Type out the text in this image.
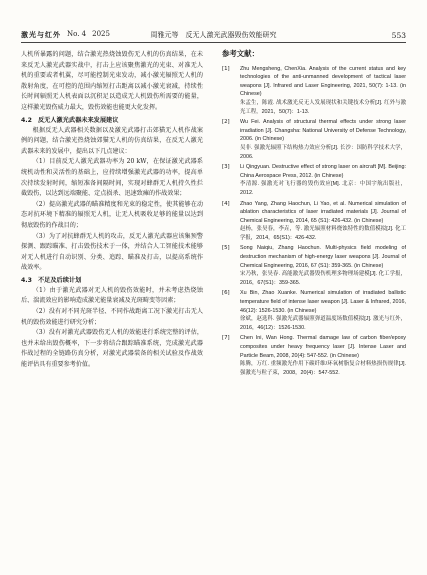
激光与红外 No. 4 2025	周雅元等　反无人激光武器毁伤效能研究	553

人机所暴露的问题，结合激光热烧蚀毁伤无人机的仿真结果，在未来反无人激光武器实战中，打击上应该聚焦激光的光束、对准无人机的重要或者机翼，尽可能控制光束发动，减小激光辐照无人机的散射角度，在可控的范围内缩短打击距离以减小激光衰减，持续性长时间辐照无人机表面以沉积足以造成无人机毁伤所需要的能量，这样激光毁伤威力最大，毁伤效能也能更大化发挥。

4.2 反无人激光武器未来发展建议

根据反无人武器相关数据以及激光武器打击郊猫无人机作战案例的问题，结合激光热烧蚀郊猫无人机的仿真结果，在反无人激光武器未来的发展中，提出以下几点建议：

（1）目前反无人激光武器功率为 20 kW，在保证激光武器系统机动性和灵活性的基础上，应持续增强激光武器的功率，提高单次持续发射时间，缩短准备间隔时间，实现对蜂群无人机持久性拦截毁伤，以达到远端聚能、定点损杀、迅速致瘫的作战效果；

（2）提高激光武器的瞄准精度和光束的稳定性，使其能够在动态对抗环境下精准的辐照无人机，让无人机吸收足够的能量以达到彻底毁伤的作战目的；

（3）为了对抗蜂群无人机的攻击，反无人激光武器应该集预警探测、跟踪瞄准、打击毁伤技术于一体，并结合人工智能技术能够对无人机进行自动识别、分类、追踪、瞄准及打击，以提高系统作战效率。

4.3 不足及后续计划

（1）由于激光武器对无人机的毁伤效能时，并未考虑热烧蚀后、湍流效应的影响造成激光能量衰减及光斑畸变等因素；

（2）没有对不同光斑半径、不同作战距离工况下激光打击无人机的毁伤效能进行研究分析；

（3）没有对激光武器毁伤无人机的效能进行系统完整的评估，也并未给出毁伤概率，下一步将结合跟踪瞄准系统，完成激光武器作战过程的全链路仿真分析，对激光武器装备的相关试验及作战效能评估具有重要参考价值。

参考文献：
[1]	Zhu Mengsheng, ChenXia. Analysis of the current status and key technologies of the anti-unmanned development of tactical laser weapons [J]. Infrared and Laser Engineering, 2021, 50(7): 1-13. (in Chinese)
朱孟生，陈霞. 战术激光反无人发展现状和关键技术分析[J]. 红外与激光工程，2021，50(7)：1-13.
[2]	Wu Fei. Analysis of structural thermal effects under strong laser irradiation [J]. Changsha: National University of Defense Technology, 2006. (in Chinese)
吴非. 强激光辐照下结构热力效应分析[J]. 长沙：国防科学技术大学，2006.
[3]	Li Qingyuan. Destructive effect of strong laser on aircraft [M]. Beijing: China Aerospace Press, 2012. (in Chinese)
李清源. 强激光对飞行器的毁伤效应[M]. 北京：中国宇航出版社，2012.
[4]	Zhao Yang, Zhang Haochun, Li Yao, et al. Numerical simulation of ablation characteristics of laser irradiated materials [J]. Journal of Chemical Engineering, 2014, 65 (S1): 426-432. (in Chinese)
赵杨，张昊春，李垚，等. 激光辐照材料烧蚀特性的数值模拟[J]. 化工学报，2014，65(S1)：426-432.
[5]	Song Naiqiu, Zhang Haochun. Multi-physics field modeling of destruction mechanism of high-energy laser weapons [J]. Journal of Chemical Engineering, 2016, 67 (S1): 359-365. (in Chinese)
宋乃秋，张昊春. 高能激光武器毁伤机理多物理场建模[J]. 化工学报，2016，67(S1)：359-365.
[6]	Xu Bin, Zhao Xuanke. Numerical simulation of irradiated ballistic temperature field of intense laser weapon [J]. Laser & Infrared, 2016, 46(12): 1526-1530. (in Chinese)
徐斌，赵选科. 强激光武器辐照弹道温度场数值模拟[J]. 激光与红外，2016，46(12)：1526-1530.
[7]	Chen Ini, Wan Hong. Thermal damage law of carbon fiber/epoxy composites under heavy frequency laser [J]. Intense Laser and Particle Beam, 2008, 20(4): 547-552. (in Chinese)
陈腾，万红. 重频激光作用下碳纤维/环氧树脂复合材料热损伤规律[J]. 强激光与粒子束，2008，20(4)：547-552.
